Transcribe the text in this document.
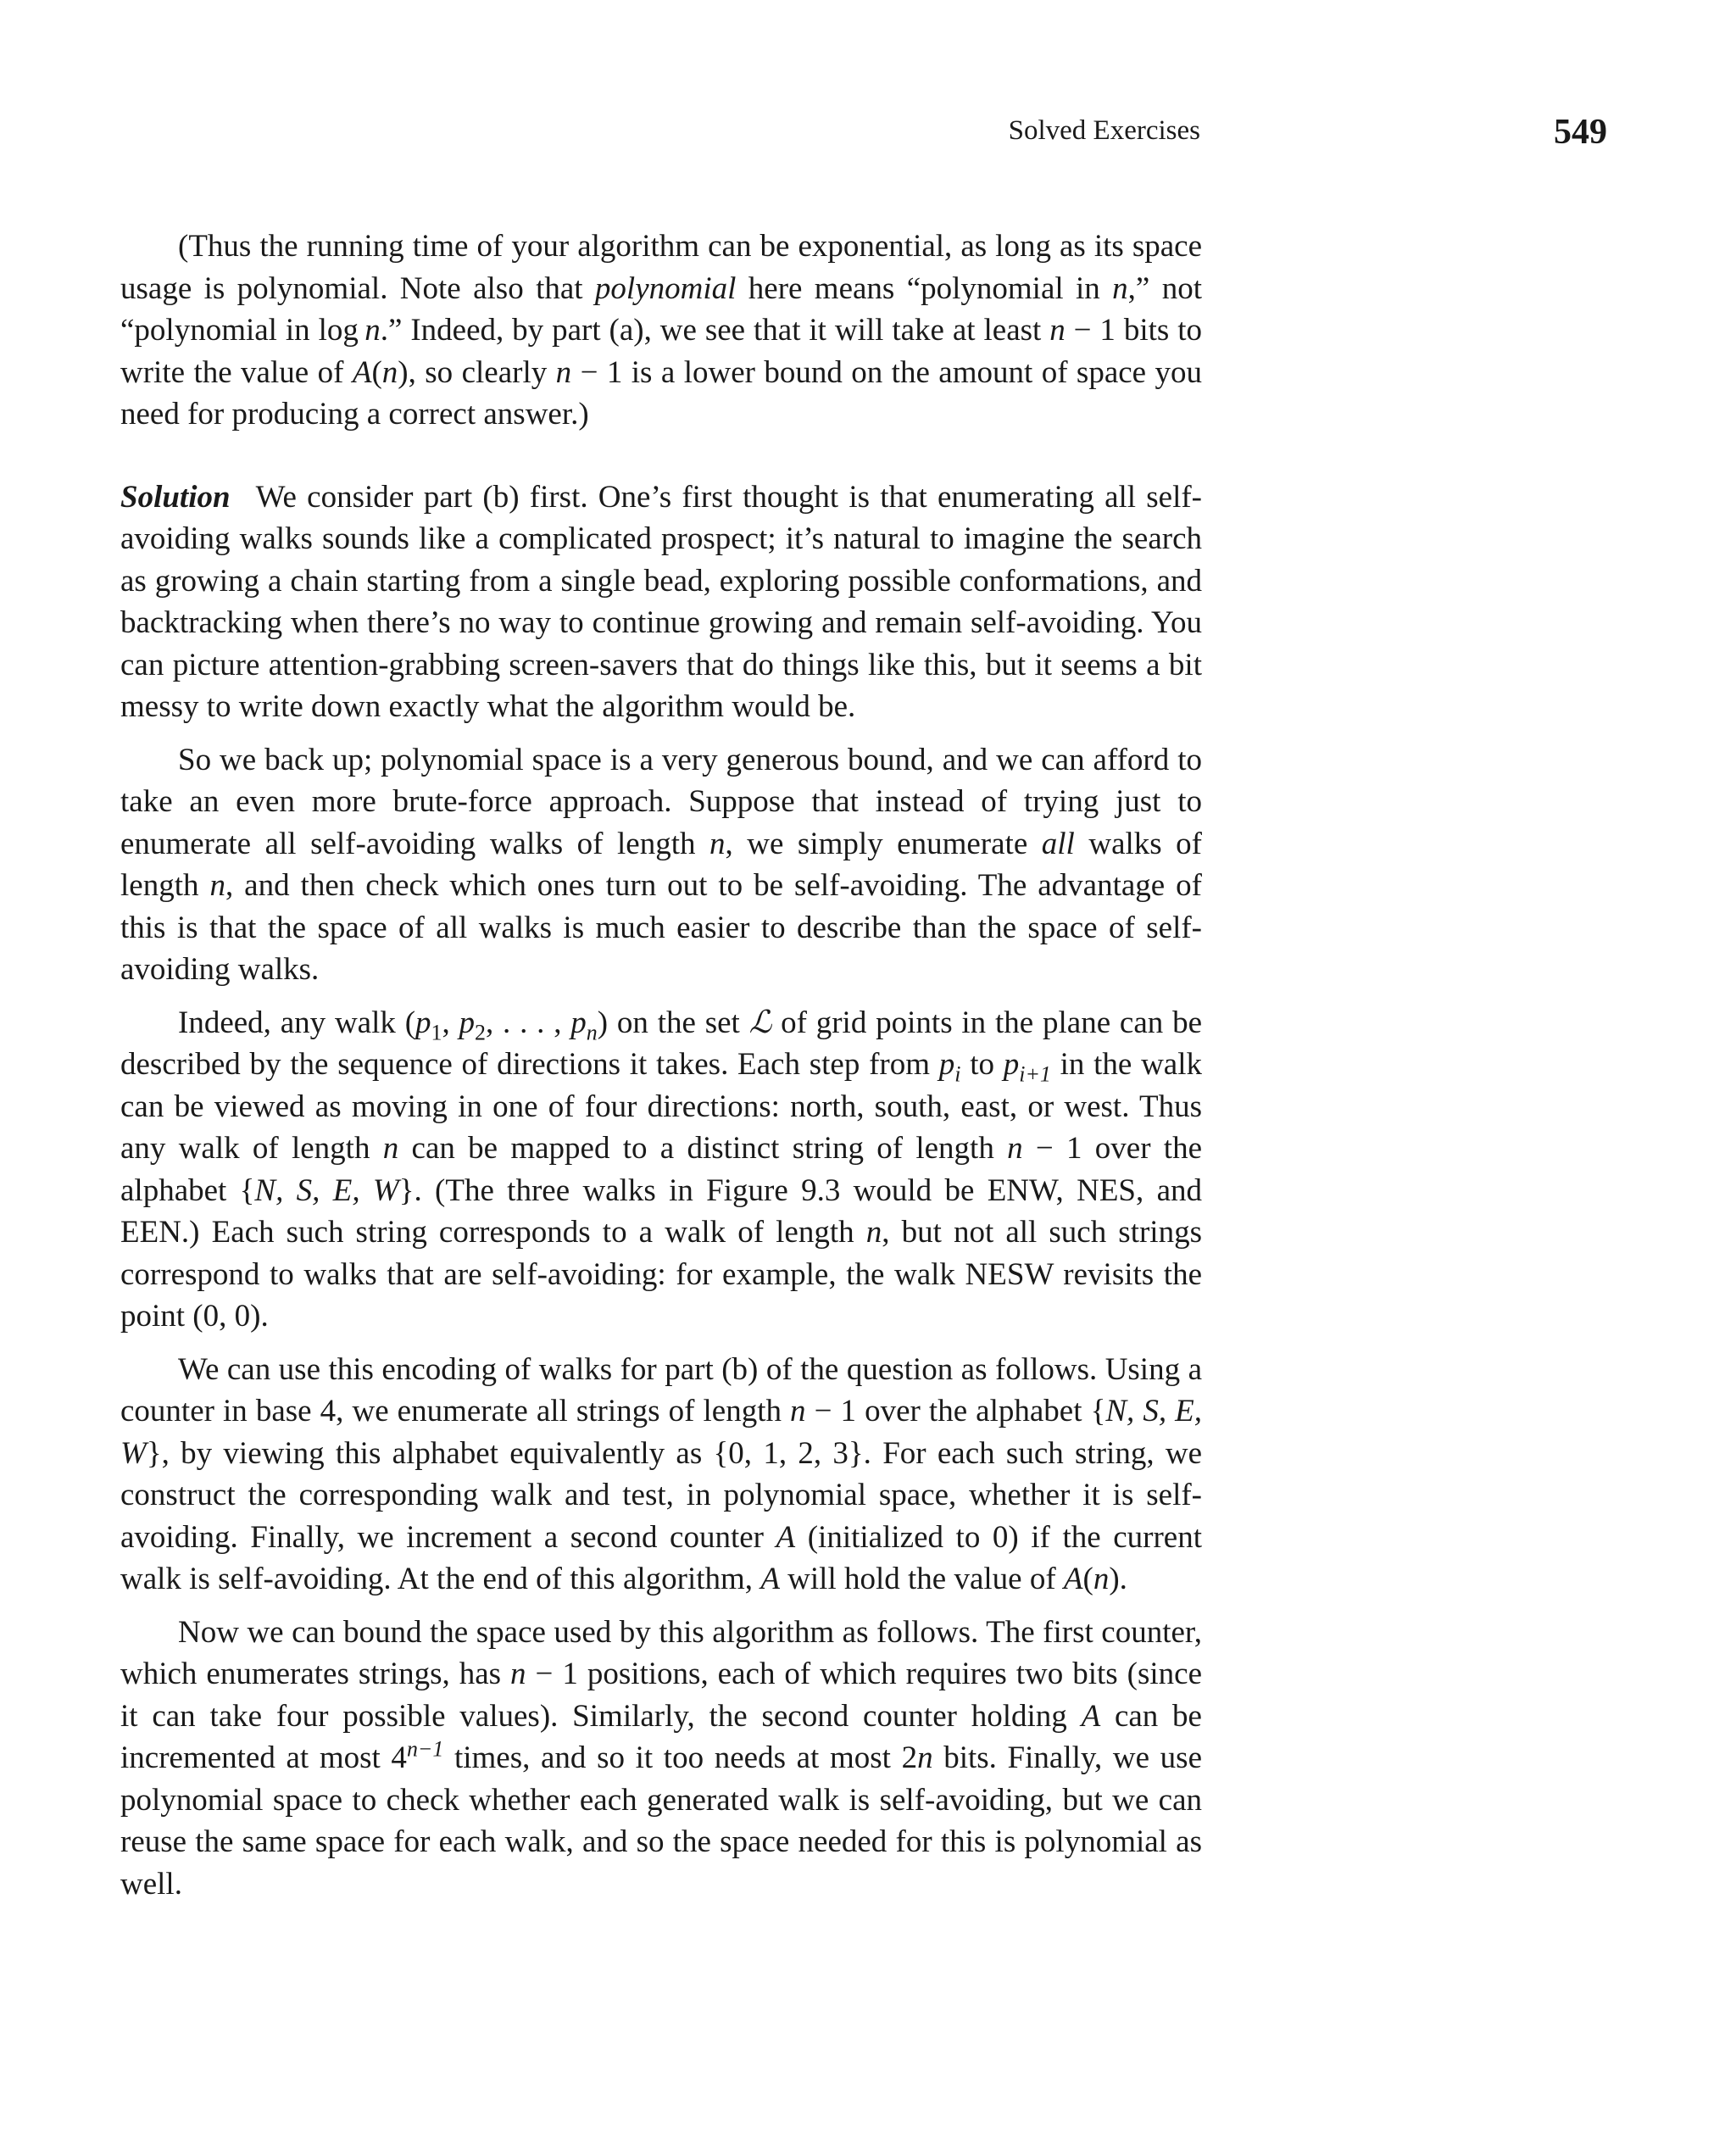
Solved Exercises	549

(Thus the running time of your algorithm can be exponential, as long as its space usage is polynomial. Note also that polynomial here means “polynomial in n,” not “polynomial in log n.” Indeed, by part (a), we see that it will take at least n − 1 bits to write the value of A(n), so clearly n − 1 is a lower bound on the amount of space you need for producing a correct answer.)

Solution We consider part (b) first. One’s first thought is that enumerating all self-avoiding walks sounds like a complicated prospect; it’s natural to imagine the search as growing a chain starting from a single bead, exploring possible conformations, and backtracking when there’s no way to continue growing and remain self-avoiding. You can picture attention-grabbing screen-savers that do things like this, but it seems a bit messy to write down exactly what the algorithm would be.

So we back up; polynomial space is a very generous bound, and we can afford to take an even more brute-force approach. Suppose that instead of trying just to enumerate all self-avoiding walks of length n, we simply enumerate all walks of length n, and then check which ones turn out to be self-avoiding. The advantage of this is that the space of all walks is much easier to describe than the space of self-avoiding walks.

Indeed, any walk ($p_1$, $p_2$, . . . , $p_n$) on the set ℒ of grid points in the plane can be described by the sequence of directions it takes. Each step from $p_i$ to $p_{i+1}$ in the walk can be viewed as moving in one of four directions: north, south, east, or west. Thus any walk of length n can be mapped to a distinct string of length n − 1 over the alphabet {N, S, E, W}. (The three walks in Figure 9.3 would be ENW, NES, and EEN.) Each such string corresponds to a walk of length n, but not all such strings correspond to walks that are self-avoiding: for example, the walk NESW revisits the point (0, 0).

We can use this encoding of walks for part (b) of the question as follows. Using a counter in base 4, we enumerate all strings of length n − 1 over the alphabet {N, S, E, W}, by viewing this alphabet equivalently as {0, 1, 2, 3}. For each such string, we construct the corresponding walk and test, in polynomial space, whether it is self-avoiding. Finally, we increment a second counter A (initialized to 0) if the current walk is self-avoiding. At the end of this algorithm, A will hold the value of A(n).

Now we can bound the space used by this algorithm as follows. The first counter, which enumerates strings, has n − 1 positions, each of which requires two bits (since it can take four possible values). Similarly, the second counter holding A can be incremented at most $4^{n-1}$ times, and so it too needs at most 2n bits. Finally, we use polynomial space to check whether each generated walk is self-avoiding, but we can reuse the same space for each walk, and so the space needed for this is polynomial as well.
